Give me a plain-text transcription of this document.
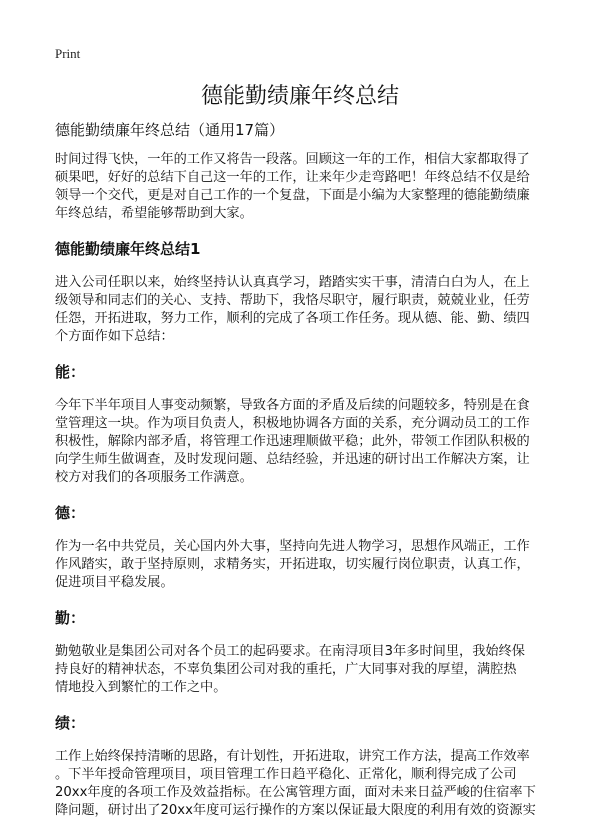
Print
德能勤绩廉年终总结
德能勤绩廉年终总结（通用17篇）
时间过得飞快，一年的工作又将告一段落。回顾这一年的工作，相信大家都取得了
硕果吧，好好的总结下自己这一年的工作，让来年少走弯路吧！年终总结不仅是给
领导一个交代，更是对自己工作的一个复盘，下面是小编为大家整理的德能勤绩廉
年终总结，希望能够帮助到大家。
德能勤绩廉年终总结1
进入公司任职以来，始终坚持认认真真学习，踏踏实实干事，清清白白为人，在上
级领导和同志们的关心、支持、帮助下，我恪尽职守，履行职责，兢兢业业，任劳
任怨，开拓进取，努力工作，顺利的完成了各项工作任务。现从德、能、勤、绩四
个方面作如下总结：
能：
今年下半年项目人事变动频繁，导致各方面的矛盾及后续的问题较多，特别是在食
堂管理这一块。作为项目负责人，积极地协调各方面的关系，充分调动员工的工作
积极性，解除内部矛盾，将管理工作迅速理顺做平稳；此外，带领工作团队积极的
向学生师生做调查，及时发现问题、总结经验，并迅速的研讨出工作解决方案，让
校方对我们的各项服务工作满意。
德：
作为一名中共党员，关心国内外大事，坚持向先进人物学习，思想作风端正，工作
作风踏实，敢于坚持原则，求精务实，开拓进取，切实履行岗位职责，认真工作，
促进项目平稳发展。
勤：
勤勉敬业是集团公司对各个员工的起码要求。在南浔项目3年多时间里，我始终保
持良好的精神状态，不辜负集团公司对我的重托，广大同事对我的厚望，满腔热
情地投入到繁忙的工作之中。
绩：
工作上始终保持清晰的思路，有计划性，开拓进取，讲究工作方法，提高工作效率
。下半年授命管理项目，项目管理工作日趋平稳化、正常化，顺利得完成了公司
20xx年度的各项工作及效益指标。在公寓管理方面，面对未来日益严峻的住宿率下
降问题，研讨出了20xx年度可运行操作的方案以保证最大限度的利用有效的资源实
